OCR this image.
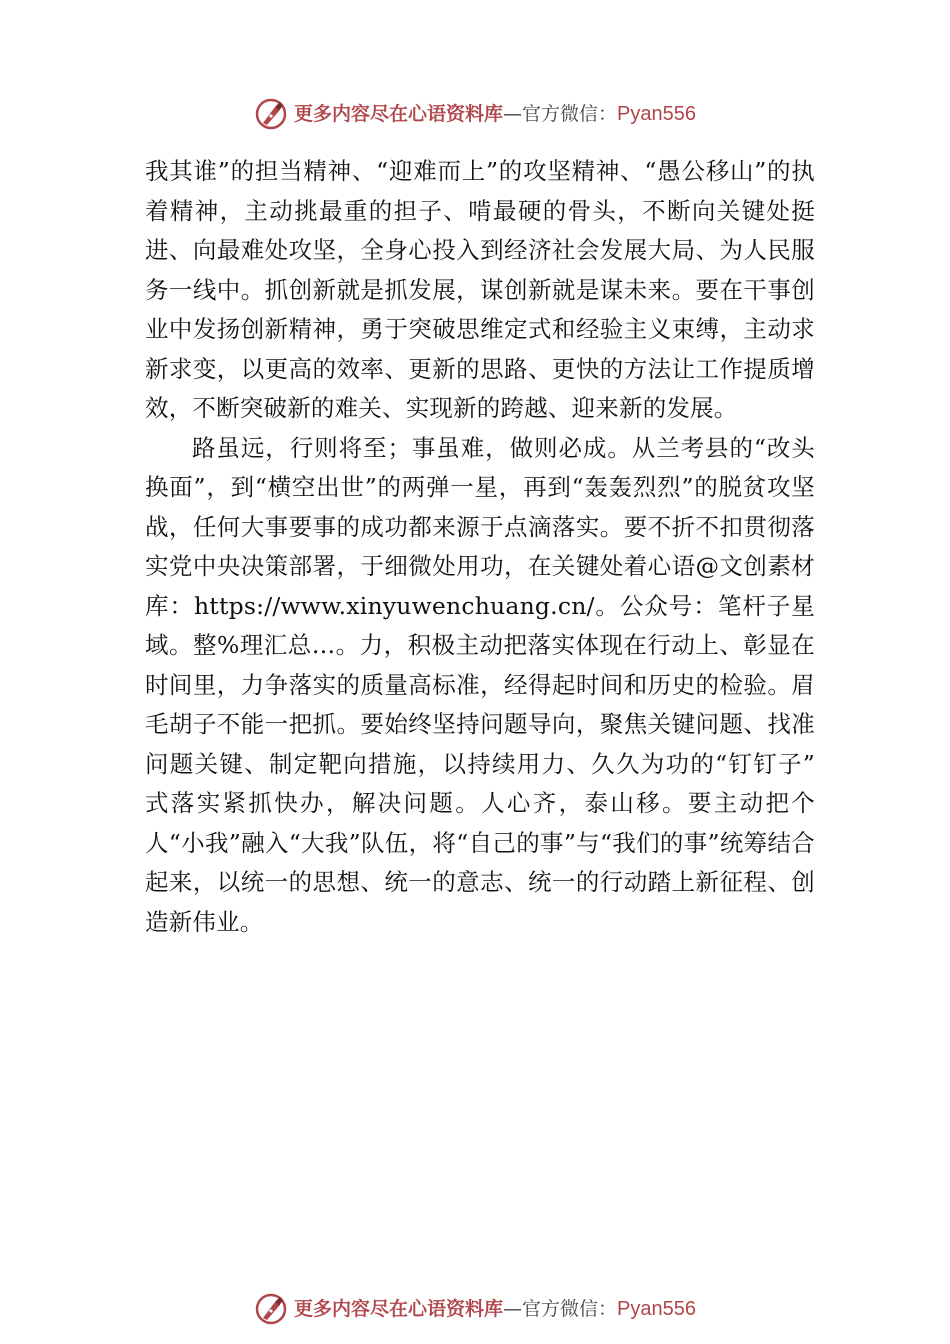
更多内容尽在心语资料库—官方微信：Pyan556

我其谁”的担当精神、“迎难而上”的攻坚精神、“愚公移山”的执着精神，主动挑最重的担子、啃最硬的骨头，不断向关键处挺进、向最难处攻坚，全身心投入到经济社会发展大局、为人民服务一线中。抓创新就是抓发展，谋创新就是谋未来。要在干事创业中发扬创新精神，勇于突破思维定式和经验主义束缚，主动求新求变，以更高的效率、更新的思路、更快的方法让工作提质增效，不断突破新的难关、实现新的跨越、迎来新的发展。

路虽远，行则将至；事虽难，做则必成。从兰考县的“改头换面”，到“横空出世”的两弹一星，再到“轰轰烈烈”的脱贫攻坚战，任何大事要事的成功都来源于点滴落实。要不折不扣贯彻落实党中央决策部署，于细微处用功，在关键处着心语@文创素材库：https://www.xinyuwenchuang.cn/。公众号：笔杆子星域。整%理汇总…。力，积极主动把落实体现在行动上、彰显在时间里，力争落实的质量高标准，经得起时间和历史的检验。眉毛胡子不能一把抓。要始终坚持问题导向，聚焦关键问题、找准问题关键、制定靶向措施，以持续用力、久久为功的“钉钉子” 式落实紧抓快办，解决问题。人心齐，泰山移。要主动把个人“小我”融入“大我”队伍，将“自己的事”与“我们的事”统筹结合起来，以统一的思想、统一的意志、统一的行动踏上新征程、创造新伟业。

更多内容尽在心语资料库—官方微信：Pyan556
